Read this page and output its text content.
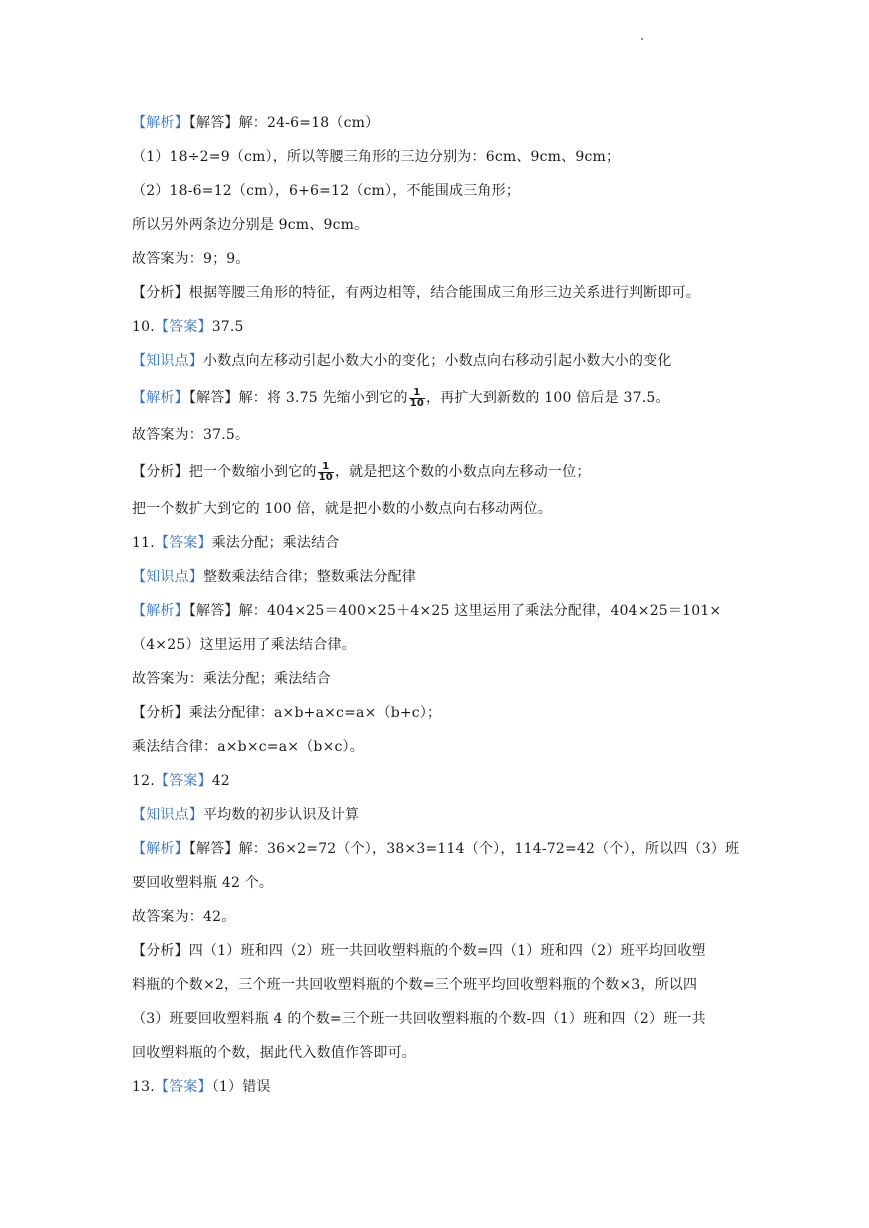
【解析】【解答】解：24-6=18（cm）
（1）18÷2=9（cm），所以等腰三角形的三边分别为：6cm、9cm、9cm；
（2）18-6=12（cm），6+6=12（cm），不能围成三角形；
所以另外两条边分别是 9cm、9cm。
故答案为：9；9。
【分析】根据等腰三角形的特征，有两边相等，结合能围成三角形三边关系进行判断即可。
10.【答案】37.5
【知识点】小数点向左移动引起小数大小的变化；小数点向右移动引起小数大小的变化
【解析】【解答】解：将 3.75 先缩小到它的 $\frac{1}{10}$ ，再扩大到新数的 100 倍后是 37.5。
故答案为：37.5。
【分析】把一个数缩小到它的 $\frac{1}{10}$ ，就是把这个数的小数点向左移动一位；
把一个数扩大到它的 100 倍，就是把小数的小数点向右移动两位。
11.【答案】乘法分配；乘法结合
【知识点】整数乘法结合律；整数乘法分配律
【解析】【解答】解：404×25＝400×25＋4×25 这里运用了乘法分配律，404×25＝101×
（4×25）这里运用了乘法结合律。
故答案为：乘法分配；乘法结合
【分析】乘法分配律：a×b+a×c=a×（b+c）；
乘法结合律：a×b×c=a×（b×c）。
12.【答案】42
【知识点】平均数的初步认识及计算
【解析】【解答】解：36×2=72（个），38×3=114（个），114-72=42（个），所以四（3）班
要回收塑料瓶 42 个。
故答案为：42。
【分析】四（1）班和四（2）班一共回收塑料瓶的个数=四（1）班和四（2）班平均回收塑
料瓶的个数×2，三个班一共回收塑料瓶的个数=三个班平均回收塑料瓶的个数×3，所以四
（3）班要回收塑料瓶 4 的个数=三个班一共回收塑料瓶的个数-四（1）班和四（2）班一共
回收塑料瓶的个数，据此代入数值作答即可。
13.【答案】（1）错误
